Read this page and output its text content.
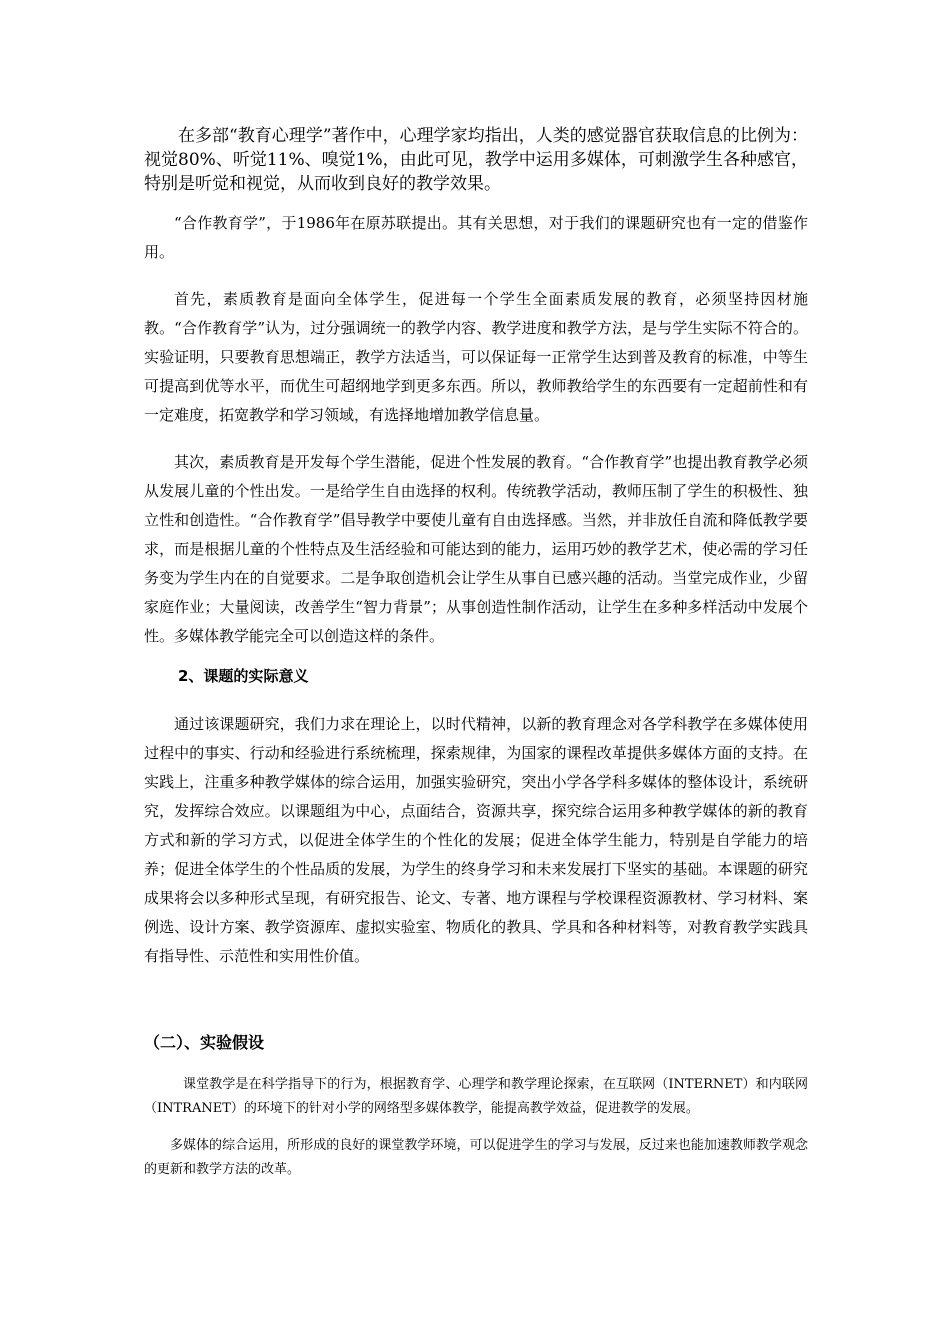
在多部“教育心理学”著作中，心理学家均指出，人类的感觉器官获取信息的比例为：视觉80%、听觉11%、嗅觉1%，由此可见，教学中运用多媒体，可刺激学生各种感官，特别是听觉和视觉，从而收到良好的教学效果。

“合作教育学”，于1986年在原苏联提出。其有关思想，对于我们的课题研究也有一定的借鉴作用。

首先，素质教育是面向全体学生，促进每一个学生全面素质发展的教育，必须坚持因材施教。“合作教育学”认为，过分强调统一的教学内容、教学进度和教学方法，是与学生实际不符合的。实验证明，只要教育思想端正，教学方法适当，可以保证每一正常学生达到普及教育的标准，中等生可提高到优等水平，而优生可超纲地学到更多东西。所以，教师教给学生的东西要有一定超前性和有一定难度，拓宽教学和学习领域，有选择地增加教学信息量。

其次，素质教育是开发每个学生潜能，促进个性发展的教育。“合作教育学”也提出教育教学必须从发展儿童的个性出发。一是给学生自由选择的权利。传统教学活动，教师压制了学生的积极性、独立性和创造性。“合作教育学”倡导教学中要使儿童有自由选择感。当然，并非放任自流和降低教学要求，而是根据儿童的个性特点及生活经验和可能达到的能力，运用巧妙的教学艺术，使必需的学习任务变为学生内在的自觉要求。二是争取创造机会让学生从事自已感兴趣的活动。当堂完成作业，少留家庭作业；大量阅读，改善学生“智力背景”；从事创造性制作活动，让学生在多种多样活动中发展个性。多媒体教学能完全可以创造这样的条件。

2、课题的实际意义

通过该课题研究，我们力求在理论上，以时代精神，以新的教育理念对各学科教学在多媒体使用过程中的事实、行动和经验进行系统梳理，探索规律，为国家的课程改革提供多媒体方面的支持。在实践上，注重多种教学媒体的综合运用，加强实验研究，突出小学各学科多媒体的整体设计，系统研究，发挥综合效应。以课题组为中心，点面结合，资源共享，探究综合运用多种教学媒体的新的教育方式和新的学习方式，以促进全体学生的个性化的发展；促进全体学生能力，特别是自学能力的培养；促进全体学生的个性品质的发展，为学生的终身学习和未来发展打下坚实的基础。本课题的研究成果将会以多种形式呈现，有研究报告、论文、专著、地方课程与学校课程资源教材、学习材料、案例选、设计方案、教学资源库、虚拟实验室、物质化的教具、学具和各种材料等，对教育教学实践具有指导性、示范性和实用性价值。

（二）、实验假设

课堂教学是在科学指导下的行为，根据教育学、心理学和教学理论探索，在互联网（INTERNET）和内联网（INTRANET）的环境下的针对小学的网络型多媒体教学，能提高教学效益，促进教学的发展。

多媒体的综合运用，所形成的良好的课堂教学环境，可以促进学生的学习与发展，反过来也能加速教师教学观念的更新和教学方法的改革。
